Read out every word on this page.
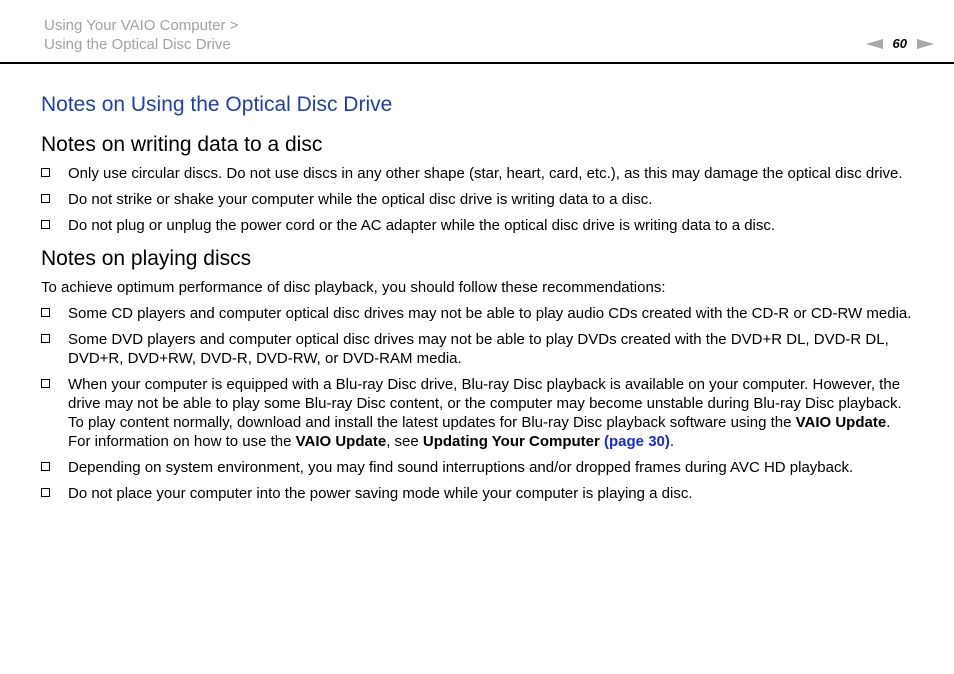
Using Your VAIO Computer >
Using the Optical Disc Drive	60
Notes on Using the Optical Disc Drive
Notes on writing data to a disc
Only use circular discs. Do not use discs in any other shape (star, heart, card, etc.), as this may damage the optical disc drive.
Do not strike or shake your computer while the optical disc drive is writing data to a disc.
Do not plug or unplug the power cord or the AC adapter while the optical disc drive is writing data to a disc.
Notes on playing discs

To achieve optimum performance of disc playback, you should follow these recommendations:

Some CD players and computer optical disc drives may not be able to play audio CDs created with the CD-R or CD-RW media.
Some DVD players and computer optical disc drives may not be able to play DVDs created with the DVD+R DL, DVD-R DL, DVD+R, DVD+RW, DVD-R, DVD-RW, or DVD-RAM media.
When your computer is equipped with a Blu-ray Disc drive, Blu-ray Disc playback is available on your computer. However, the drive may not be able to play some Blu-ray Disc content, or the computer may become unstable during Blu-ray Disc playback. To play content normally, download and install the latest updates for Blu-ray Disc playback software using the VAIO Update.
For information on how to use the VAIO Update, see Updating Your Computer (page 30).
Depending on system environment, you may find sound interruptions and/or dropped frames during AVC HD playback.
Do not place your computer into the power saving mode while your computer is playing a disc.
